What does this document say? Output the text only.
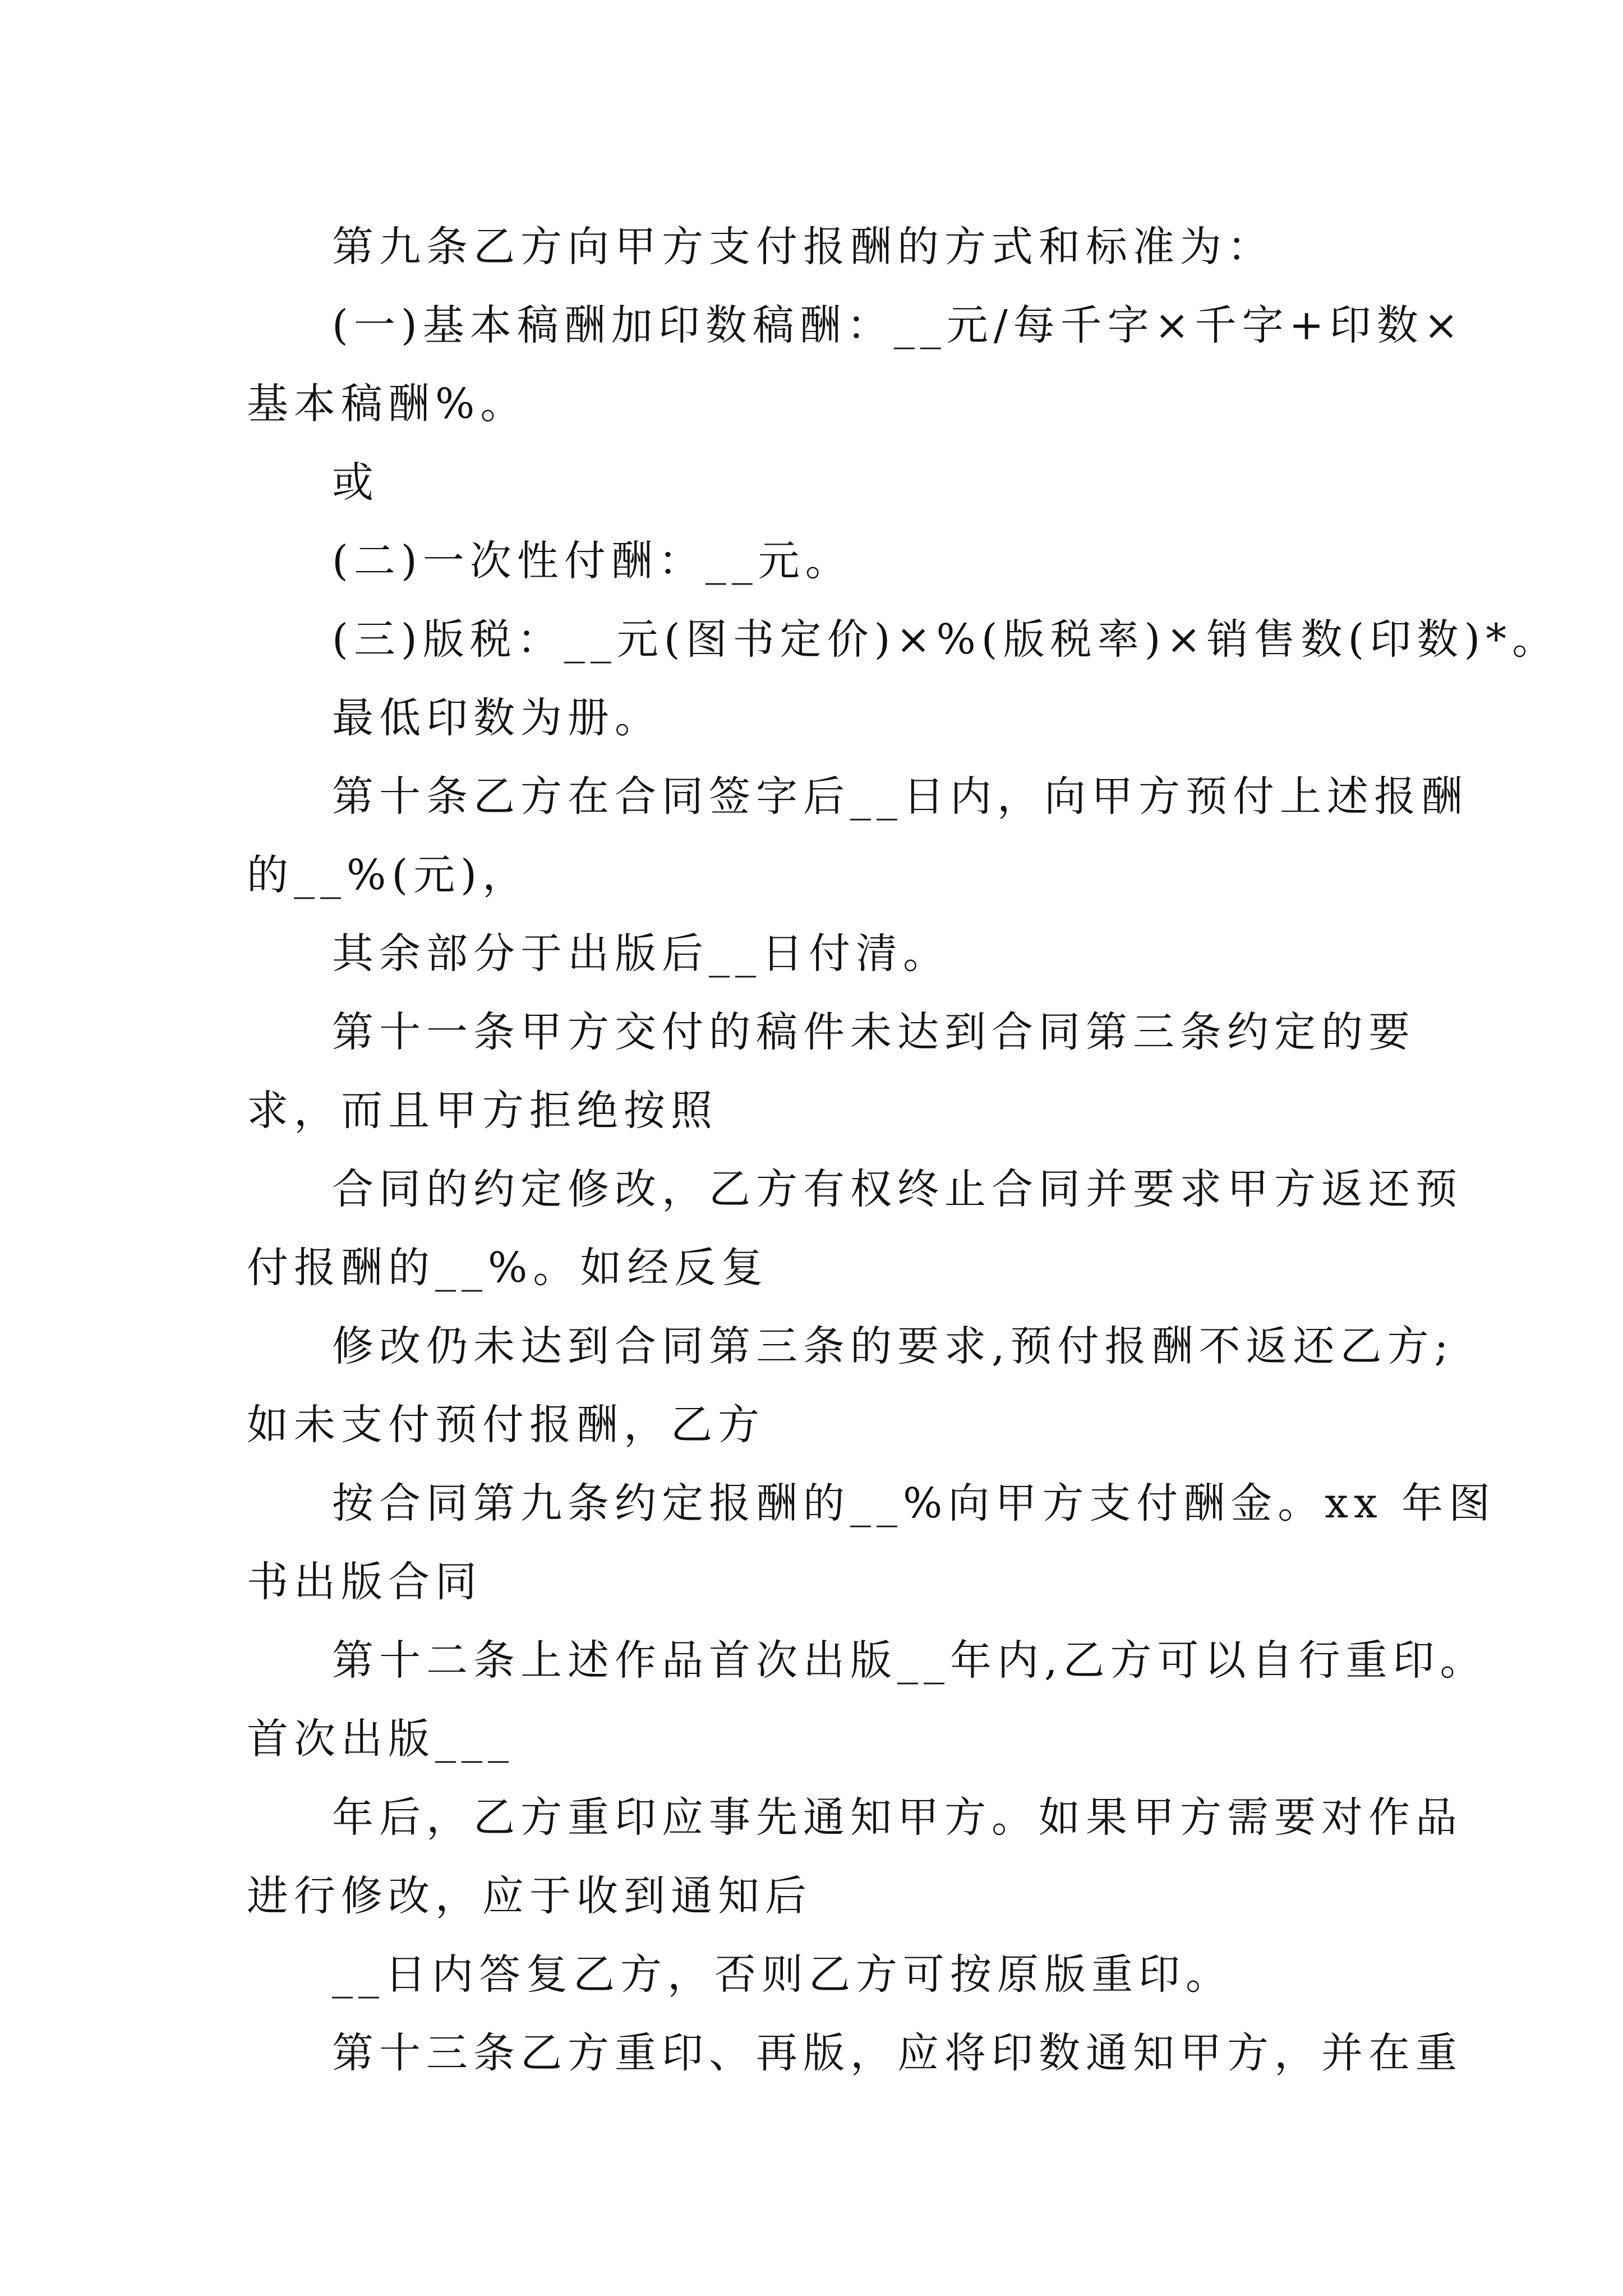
第九条乙方向甲方支付报酬的方式和标准为：
(一)基本稿酬加印数稿酬：__元/每千字×千字+印数×
基本稿酬%。
或
(二)一次性付酬：__元。
(三)版税：__元(图书定价)×%(版税率)×销售数(印数)*。
最低印数为册。
第十条乙方在合同签字后__日内，向甲方预付上述报酬
的__%(元)，
其余部分于出版后__日付清。
第十一条甲方交付的稿件未达到合同第三条约定的要
求，而且甲方拒绝按照
合同的约定修改，乙方有权终止合同并要求甲方返还预
付报酬的__%。如经反复
修改仍未达到合同第三条的要求,预付报酬不返还乙方;
如未支付预付报酬，乙方
按合同第九条约定报酬的__%向甲方支付酬金。xx 年图
书出版合同
第十二条上述作品首次出版__年内,乙方可以自行重印。
首次出版___
年后，乙方重印应事先通知甲方。如果甲方需要对作品
进行修改，应于收到通知后
__日内答复乙方，否则乙方可按原版重印。
第十三条乙方重印、再版，应将印数通知甲方，并在重
